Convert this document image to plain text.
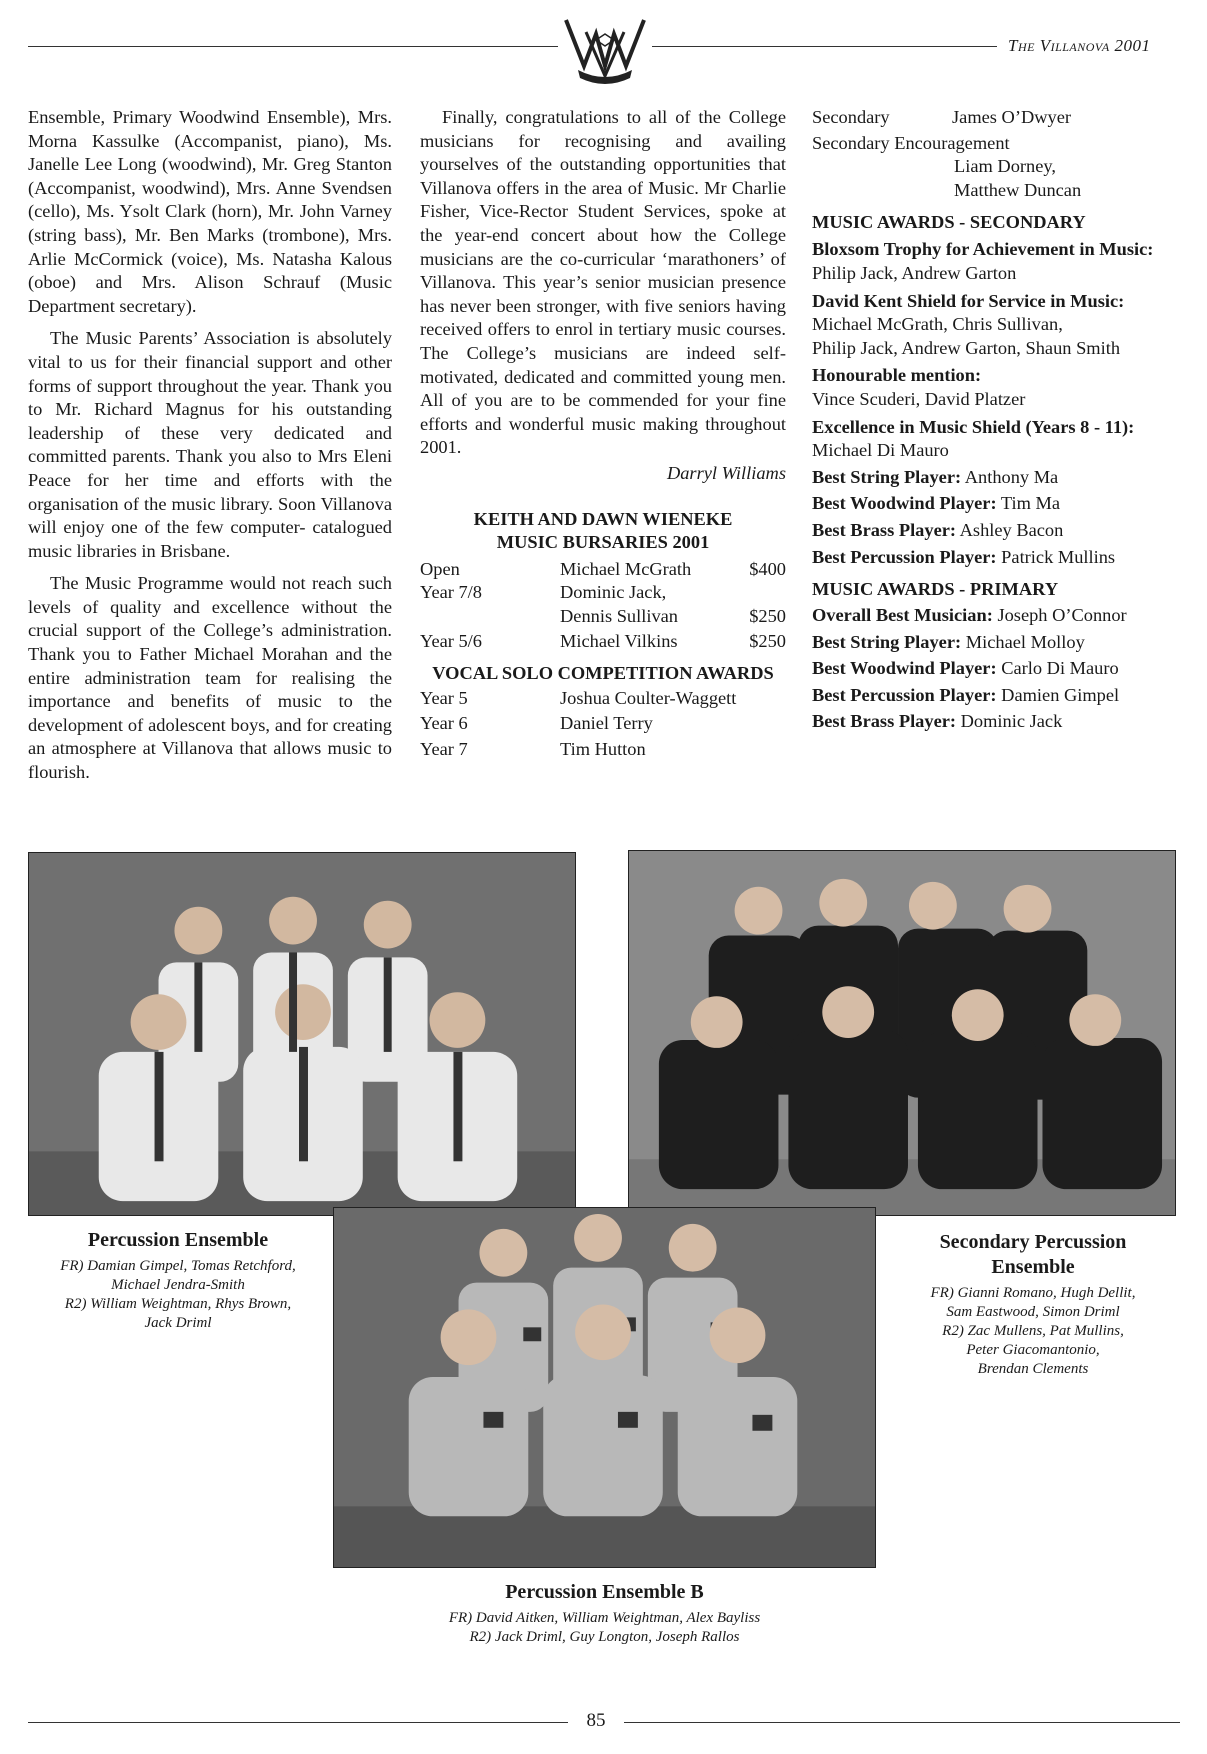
The Villanova 2001

Ensemble, Primary Woodwind Ensemble), Mrs. Morna Kassulke (Accompanist, piano), Ms. Janelle Lee Long (woodwind), Mr. Greg Stanton (Accompanist, woodwind), Mrs. Anne Svendsen (cello), Ms. Ysolt Clark (horn), Mr. John Varney (string bass), Mr. Ben Marks (trombone), Mrs. Arlie McCormick (voice), Ms. Natasha Kalous (oboe) and Mrs. Alison Schrauf (Music Department secretary).

The Music Parents’ Association is absolutely vital to us for their financial support and other forms of support throughout the year. Thank you to Mr. Richard Magnus for his outstanding leadership of these very dedicated and committed parents. Thank you also to Mrs Eleni Peace for her time and efforts with the organisation of the music library. Soon Villanova will enjoy one of the few computer- catalogued music libraries in Brisbane.

The Music Programme would not reach such levels of quality and excellence without the crucial support of the College’s administration. Thank you to Father Michael Morahan and the entire administration team for realising the importance and benefits of music to the development of adolescent boys, and for creating an atmosphere at Villanova that allows music to flourish.

Finally, congratulations to all of the College musicians for recognising and availing yourselves of the outstanding opportunities that Villanova offers in the area of Music. Mr Charlie Fisher, Vice-Rector Student Services, spoke at the year-end concert about how the College musicians are the co-curricular ‘marathoners’ of Villanova. This year’s senior musician presence has never been stronger, with five seniors having received offers to enrol in tertiary music courses. The College’s musicians are indeed self-motivated, dedicated and committed young men. All of you are to be commended for your fine efforts and wonderful music making throughout 2001.

Darryl Williams
KEITH AND DAWN WIENEKE
MUSIC BURSARIES 2001
Open	Michael McGrath	$400
Year 7/8	Dominic Jack,
Dennis Sullivan	$250
Year 5/6	Michael Vilkins	$250
VOCAL SOLO COMPETITION AWARDS
Year 5	Joshua Coulter-Waggett
Year 6	Daniel Terry
Year 7	Tim Hutton
Secondary	James O’Dwyer
Secondary Encouragement
Liam Dorney,
Matthew Duncan
MUSIC AWARDS - SECONDARY
Bloxsom Trophy for Achievement in Music:
Philip Jack, Andrew Garton
David Kent Shield for Service in Music:
Michael McGrath, Chris Sullivan,
Philip Jack, Andrew Garton, Shaun Smith
Honourable mention:
Vince Scuderi, David Platzer
Excellence in Music Shield (Years 8 - 11):
Michael Di Mauro
Best String Player: Anthony Ma
Best Woodwind Player: Tim Ma
Best Brass Player: Ashley Bacon
Best Percussion Player: Patrick Mullins
MUSIC AWARDS - PRIMARY
Overall Best Musician: Joseph O’Connor
Best String Player: Michael Molloy
Best Woodwind Player: Carlo Di Mauro
Best Percussion Player: Damien Gimpel
Best Brass Player: Dominic Jack
Percussion Ensemble
FR) Damian Gimpel, Tomas Retchford,
Michael Jendra-Smith
R2) William Weightman, Rhys Brown,
Jack Driml
Secondary Percussion
Ensemble
FR) Gianni Romano, Hugh Dellit,
Sam Eastwood, Simon Driml
R2) Zac Mullens, Pat Mullins,
Peter Giacomantonio,
Brendan Clements
Percussion Ensemble B
FR) David Aitken, William Weightman, Alex Bayliss
R2) Jack Driml, Guy Longton, Joseph Rallos
85
